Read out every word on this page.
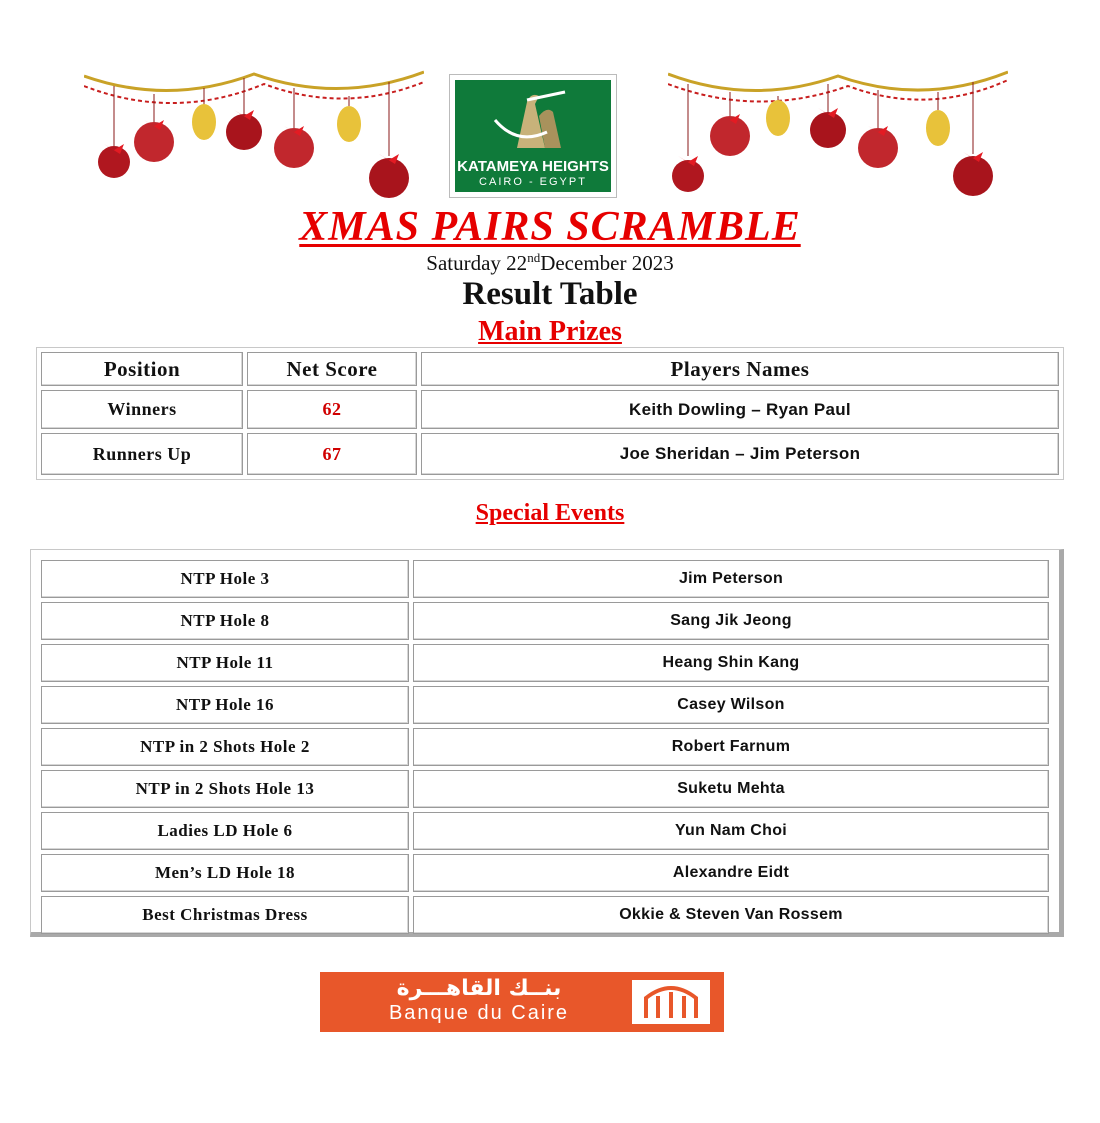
KATAMEYA HEIGHTS
CAIRO - EGYPT
XMAS PAIRS SCRAMBLE
Saturday 22ndDecember 2023
Result Table
Main Prizes
Position	Net Score	Players Names
Winners	62	Keith Dowling – Ryan Paul
Runners Up	67	Joe Sheridan – Jim Peterson
Special Events
NTP Hole 3	Jim Peterson
NTP Hole 8	Sang Jik Jeong
NTP Hole 11	Heang Shin Kang
NTP Hole 16	Casey Wilson
NTP in 2 Shots Hole 2	Robert Farnum
NTP in 2 Shots Hole 13	Suketu Mehta
Ladies LD Hole 6	Yun Nam Choi
Men’s LD Hole 18	Alexandre Eidt
Best Christmas Dress	Okkie & Steven Van Rossem
بنــك القاهـــرة
Banque du Caire
